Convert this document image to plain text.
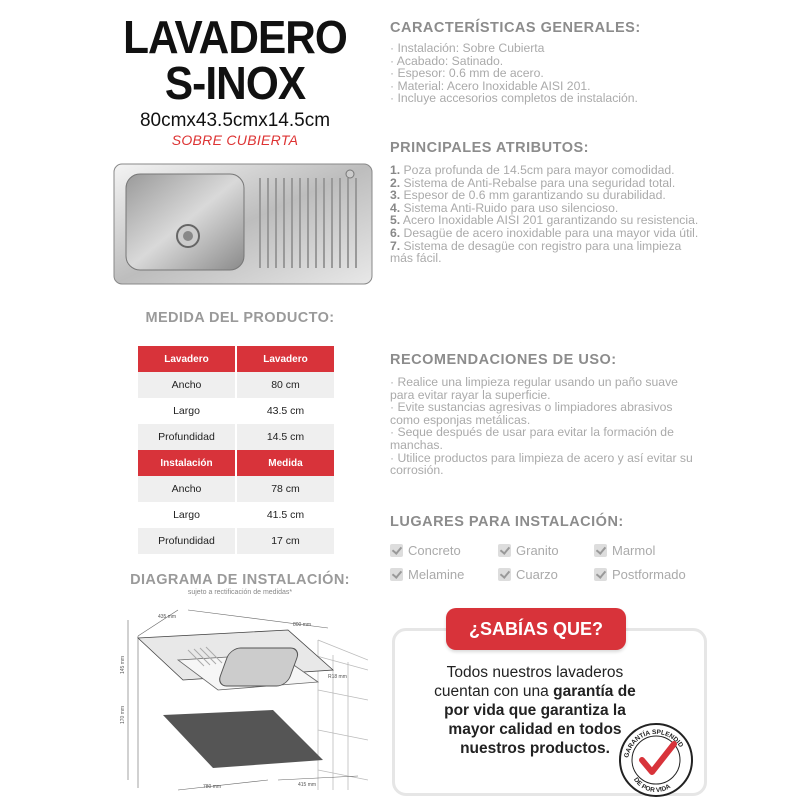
LAVADERO
S-INOX
80cmx43.5cmx14.5cm
SOBRE CUBIERTA
MEDIDA DEL PRODUCTO:
Lavadero	Lavadero
Ancho	80 cm
Largo	43.5 cm
Profundidad	14.5 cm
Instalación	Medida
Ancho	78 cm
Largo	41.5 cm
Profundidad	17 cm
DIAGRAMA DE INSTALACIÓN:
sujeto a rectificación de medidas*
435 mm
800 mm
145 mm
R18 mm
170 mm
780 mm	415 mm
CARACTERÍSTICAS GENERALES:
· Instalación: Sobre Cubierta
· Acabado: Satinado.
· Espesor: 0.6 mm de acero.
· Material: Acero Inoxidable AISI 201.
· Incluye accesorios completos de instalación.
PRINCIPALES ATRIBUTOS:
1. Poza profunda de 14.5cm para mayor comodidad.
2. Sistema de Anti-Rebalse para una seguridad total.
3. Espesor de 0.6 mm garantizando su durabilidad.
4. Sistema Anti-Ruido para uso silencioso.
5. Acero Inoxidable AISI 201 garantizando su resistencia.
6. Desagüe de acero inoxidable para una mayor vida útil.
7. Sistema de desagüe con registro para una limpieza más fácil.
RECOMENDACIONES DE USO:
· Realice una limpieza regular usando un paño suave para evitar rayar la superficie.
· Evite sustancias agresivas o limpiadores abrasivos como esponjas metálicas.
· Seque después de usar para evitar la formación de manchas.
· Utilice productos para limpieza de acero y así evitar su corrosión.
LUGARES PARA INSTALACIÓN:
Concreto	Granito	Marmol
Melamine	Cuarzo	Postformado
¿SABÍAS QUE?
Todos nuestros lavaderos
cuentan con una garantía de
por vida que garantiza la
mayor calidad en todos
nuestros productos.	GARANTÍA SPLENDID
DE POR VIDA
